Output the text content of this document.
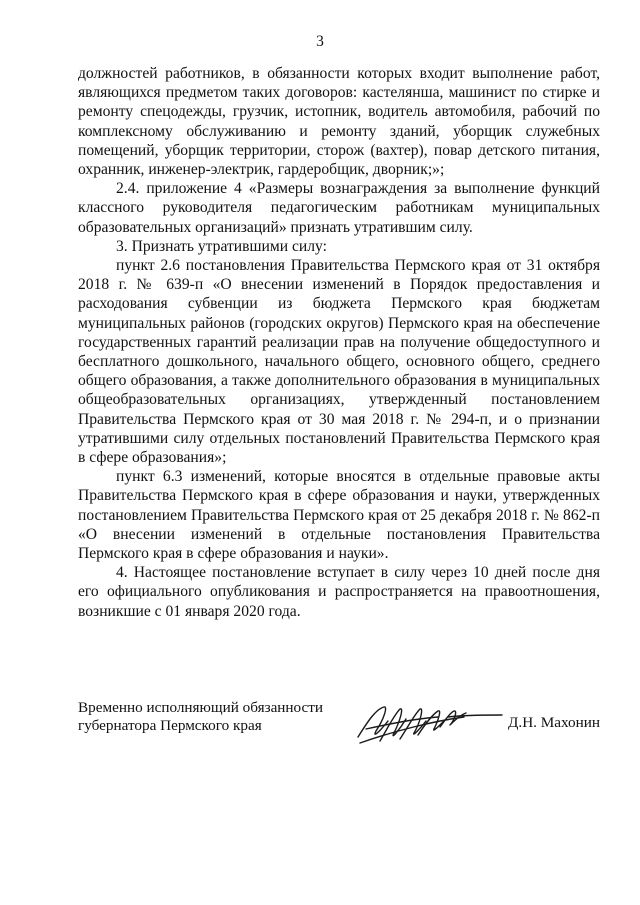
3

должностей работников, в обязанности которых входит выполнение работ, являющихся предметом таких договоров: кастелянша, машинист по стирке и ремонту спецодежды, грузчик, истопник, водитель автомобиля, рабочий по комплексному обслуживанию и ремонту зданий, уборщик служебных помещений, уборщик территории, сторож (вахтер), повар детского питания, охранник, инженер-электрик, гардеробщик, дворник;»;

2.4. приложение 4 «Размеры вознаграждения за выполнение функций классного руководителя педагогическим работникам муниципальных образовательных организаций» признать утратившим силу.

3. Признать утратившими силу:

пункт 2.6 постановления Правительства Пермского края от 31 октября 2018 г. № 639-п «О внесении изменений в Порядок предоставления и расходования субвенции из бюджета Пермского края бюджетам муниципальных районов (городских округов) Пермского края на обеспечение государственных гарантий реализации прав на получение общедоступного и бесплатного дошкольного, начального общего, основного общего, среднего общего образования, а также дополнительного образования в муниципальных общеобразовательных организациях, утвержденный постановлением Правительства Пермского края от 30 мая 2018 г. № 294-п, и о признании утратившими силу отдельных постановлений Правительства Пермского края в сфере образования»;

пункт 6.3 изменений, которые вносятся в отдельные правовые акты Правительства Пермского края в сфере образования и науки, утвержденных постановлением Правительства Пермского края от 25 декабря 2018 г. № 862-п «О внесении изменений в отдельные постановления Правительства Пермского края в сфере образования и науки».

4. Настоящее постановление вступает в силу через 10 дней после дня его официального опубликования и распространяется на правоотношения, возникшие с 01 января 2020 года.

Временно исполняющий обязанности
губернатора Пермского края	Д.Н. Махонин
